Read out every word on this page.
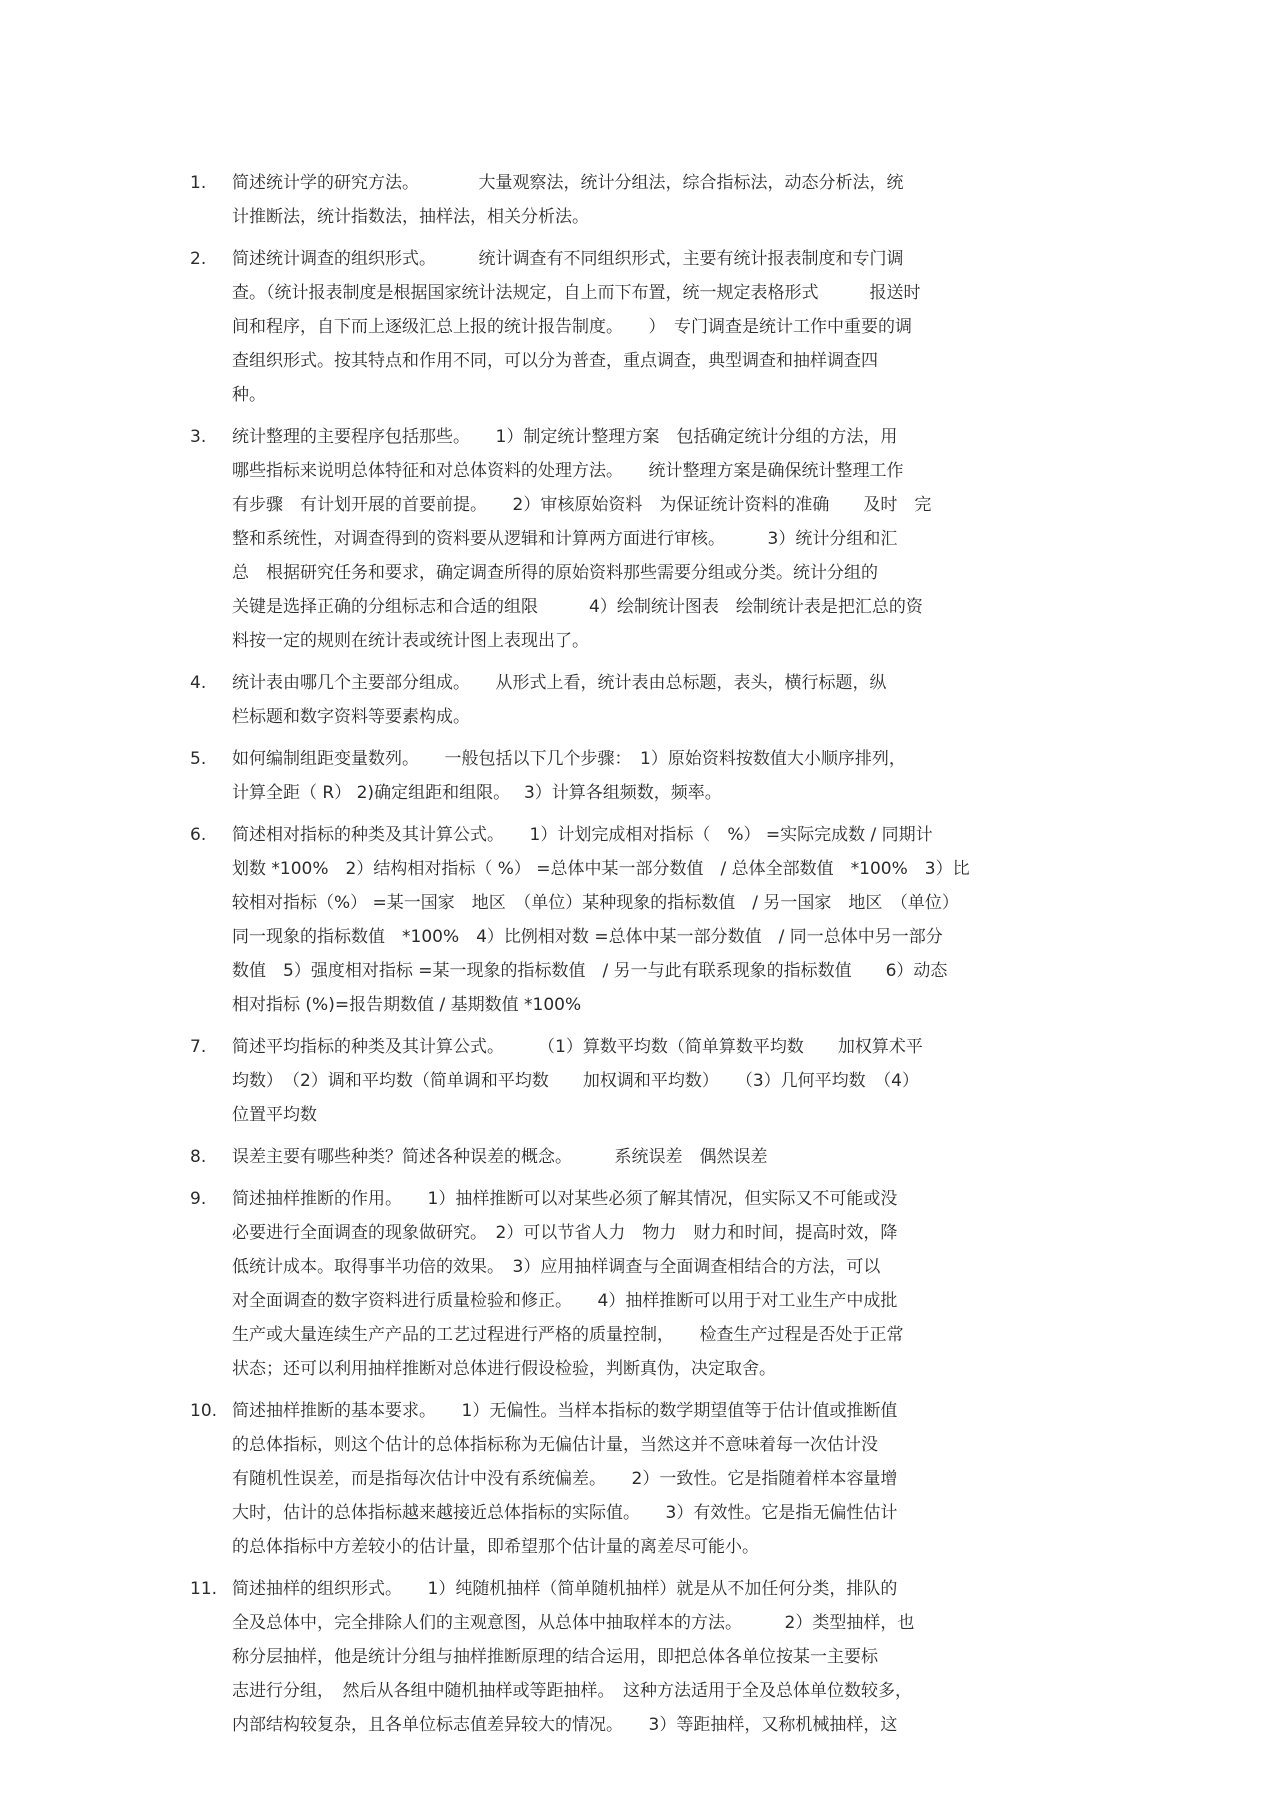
1. 简述统计学的研究方法。　　　　大量观察法，统计分组法，综合指标法，动态分析法，统
计推断法，统计指数法，抽样法，相关分析法。
2. 简述统计调查的组织形式。　　　统计调查有不同组织形式，主要有统计报表制度和专门调
查。（统计报表制度是根据国家统计法规定，自上而下布置，统一规定表格形式　　　报送时
间和程序，自下而上逐级汇总上报的统计报告制度。　　）　专门调查是统计工作中重要的调
查组织形式。按其特点和作用不同，可以分为普查，重点调查，典型调查和抽样调查四
种。
3. 统计整理的主要程序包括那些。　　1）制定统计整理方案　包括确定统计分组的方法，用
哪些指标来说明总体特征和对总体资料的处理方法。　　统计整理方案是确保统计整理工作
有步骤　有计划开展的首要前提。　　2）审核原始资料　为保证统计资料的准确　　及时　完
整和系统性，对调查得到的资料要从逻辑和计算两方面进行审核。　　　3）统计分组和汇
总　根据研究任务和要求，确定调查所得的原始资料那些需要分组或分类。统计分组的
关键是选择正确的分组标志和合适的组限　　　4）绘制统计图表　绘制统计表是把汇总的资
料按一定的规则在统计表或统计图上表现出了。
4. 统计表由哪几个主要部分组成。　　从形式上看，统计表由总标题，表头，横行标题，纵
栏标题和数字资料等要素构成。
5. 如何编制组距变量数列。　　一般包括以下几个步骤：　1）原始资料按数值大小顺序排列，
计算全距（ R） 2)确定组距和组限。　 3）计算各组频数，频率。
6. 简述相对指标的种类及其计算公式。　　1）计划完成相对指标（　%） =实际完成数 / 同期计
划数 *100%　2）结构相对指标（ %） =总体中某一部分数值　/ 总体全部数值　*100%　3）比
较相对指标（%） =某一国家　地区　（单位）某种现象的指标数值　/ 另一国家　地区　（单位）
同一现象的指标数值　*100%　4）比例相对数 =总体中某一部分数值　/ 同一总体中另一部分
数值　5）强度相对指标 =某一现象的指标数值　/ 另一与此有联系现象的指标数值　　6）动态
相对指标 (%)=报告期数值 / 基期数值 *100%
7. 简述平均指标的种类及其计算公式。　　　（1）算数平均数（简单算数平均数　　加权算术平
均数）　（2）调和平均数（简单调和平均数　　加权调和平均数）　　（3）几何平均数　（4）
位置平均数
8. 误差主要有哪些种类？简述各种误差的概念。　　　系统误差　偶然误差
9. 简述抽样推断的作用。　　1）抽样推断可以对某些必须了解其情况，但实际又不可能或没
必要进行全面调查的现象做研究。　2）可以节省人力　物力　财力和时间，提高时效，降
低统计成本。取得事半功倍的效果。　3）应用抽样调查与全面调查相结合的方法，可以
对全面调查的数字资料进行质量检验和修正。　　4）抽样推断可以用于对工业生产中成批
生产或大量连续生产产品的工艺过程进行严格的质量控制，　　检查生产过程是否处于正常
状态；还可以利用抽样推断对总体进行假设检验，判断真伪，决定取舍。
10. 简述抽样推断的基本要求。　　1）无偏性。当样本指标的数学期望值等于估计值或推断值
的总体指标，则这个估计的总体指标称为无偏估计量，当然这并不意味着每一次估计没
有随机性误差，而是指每次估计中没有系统偏差。　　2）一致性。它是指随着样本容量增
大时，估计的总体指标越来越接近总体指标的实际值。　　3）有效性。它是指无偏性估计
的总体指标中方差较小的估计量，即希望那个估计量的离差尽可能小。
11. 简述抽样的组织形式。　　1）纯随机抽样（简单随机抽样）就是从不加任何分类，排队的
全及总体中，完全排除人们的主观意图，从总体中抽取样本的方法。　　　2）类型抽样，也
称分层抽样，他是统计分组与抽样推断原理的结合运用，即把总体各单位按某一主要标
志进行分组，　然后从各组中随机抽样或等距抽样。　这种方法适用于全及总体单位数较多，
内部结构较复杂，且各单位标志值差异较大的情况。　　3）等距抽样，又称机械抽样，这
